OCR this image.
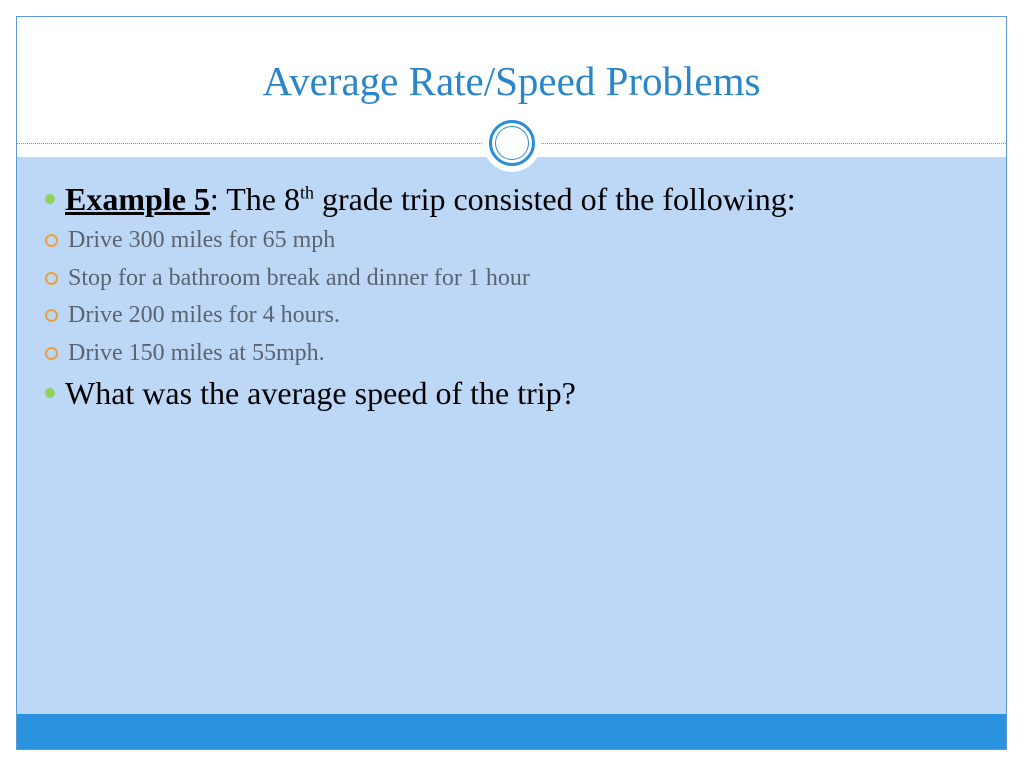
Average Rate/Speed Problems

Example 5: The 8th grade trip consisted of the following:

Drive 300 miles for 65 mph

Stop for a bathroom break and dinner for 1 hour

Drive 200 miles for 4 hours.

Drive 150 miles at 55mph.

What was the average speed of the trip?
